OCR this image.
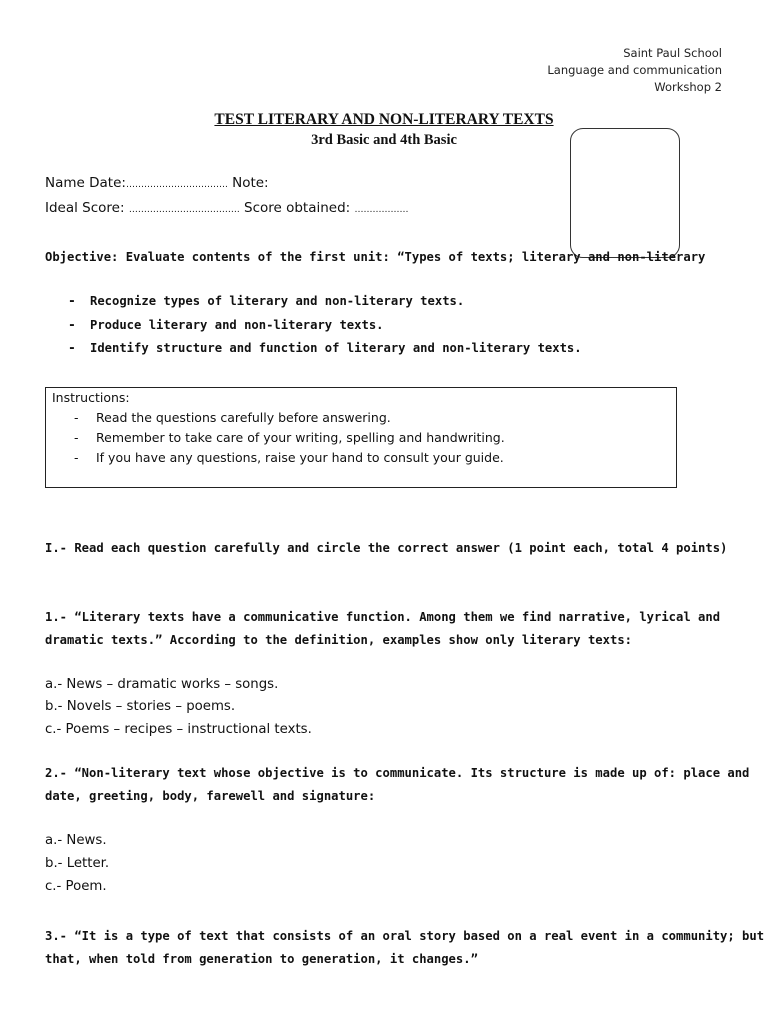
Saint Paul School
Language and communication
Workshop 2
TEST LITERARY AND NON-LITERARY TEXTS
3rd Basic and 4th Basic
Name Date:……………………………. Note:
Ideal Score: ………………………………. Score obtained: ………………
Objective: Evaluate contents of the first unit: “Types of texts; literary and non-literary
- Recognize types of literary and non-literary texts.
- Produce literary and non-literary texts.
- Identify structure and function of literary and non-literary texts.
Instructions:
- Read the questions carefully before answering.
- Remember to take care of your writing, spelling and handwriting.
- If you have any questions, raise your hand to consult your guide.
I.- Read each question carefully and circle the correct answer (1 point each, total 4 points)
1.- “Literary texts have a communicative function. Among them we find narrative, lyrical and
dramatic texts.” According to the definition, examples show only literary texts:
a.- News – dramatic works – songs.
b.- Novels – stories – poems.
c.- Poems – recipes – instructional texts.
2.- “Non-literary text whose objective is to communicate. Its structure is made up of: place and
date, greeting, body, farewell and signature:
a.- News.
b.- Letter.
c.- Poem.
3.- “It is a type of text that consists of an oral story based on a real event in a community; but
that, when told from generation to generation, it changes.”
